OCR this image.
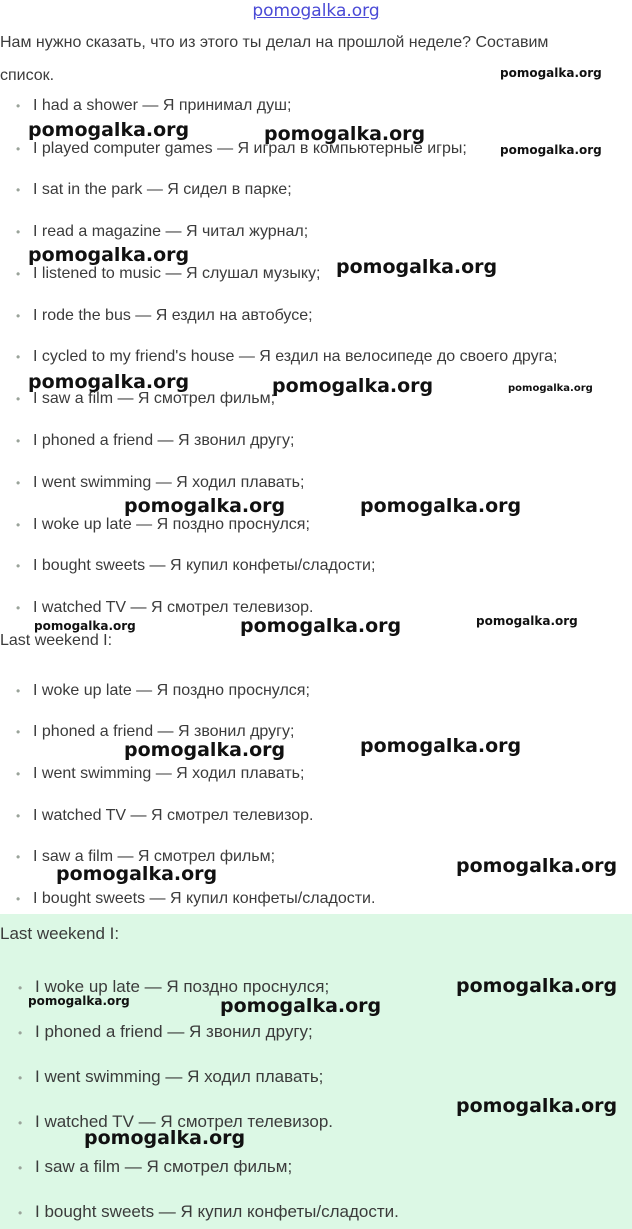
pomogalka.org
Нам нужно сказать, что из этого ты делал на прошлой неделе? Составим список.
• I had a shower — Я принимал душ;
• I played computer games — Я играл в компьютерные игры;
• I sat in the park — Я сидел в парке;
• I read a magazine — Я читал журнал;
• I listened to music — Я слушал музыку;
• I rode the bus — Я ездил на автобусе;
• I cycled to my friend's house — Я ездил на велосипеде до своего друга;
• I saw a film — Я смотрел фильм;
• I phoned a friend — Я звонил другу;
• I went swimming — Я ходил плавать;
• I woke up late — Я поздно проснулся;
• I bought sweets — Я купил конфеты/сладости;
• I watched TV — Я смотрел телевизор.
Last weekend I:
• I woke up late — Я поздно проснулся;
• I phoned a friend — Я звонил другу;
• I went swimming — Я ходил плавать;
• I watched TV — Я смотрел телевизор.
• I saw a film — Я смотрел фильм;
• I bought sweets — Я купил конфеты/сладости.
Last weekend I:
• I woke up late — Я поздно проснулся;
• I phoned a friend — Я звонил другу;
• I went swimming — Я ходил плавать;
• I watched TV — Я смотрел телевизор.
• I saw a film — Я смотрел фильм;
• I bought sweets — Я купил конфеты/сладости.
pomogalka.org
pomogalka.org	pomogalka.org
pomogalka.org
pomogalka.org
pomogalka.org
pomogalka.org	pomogalka.org	pomogalka.org
pomogalka.org	pomogalka.org
pomogalka.org	pomogalka.org	pomogalka.org
pomogalka.org	pomogalka.org
pomogalka.org
pomogalka.org
pomogalka.org
pomogalka.org	pomogalka.org
pomogalka.org
pomogalka.org
